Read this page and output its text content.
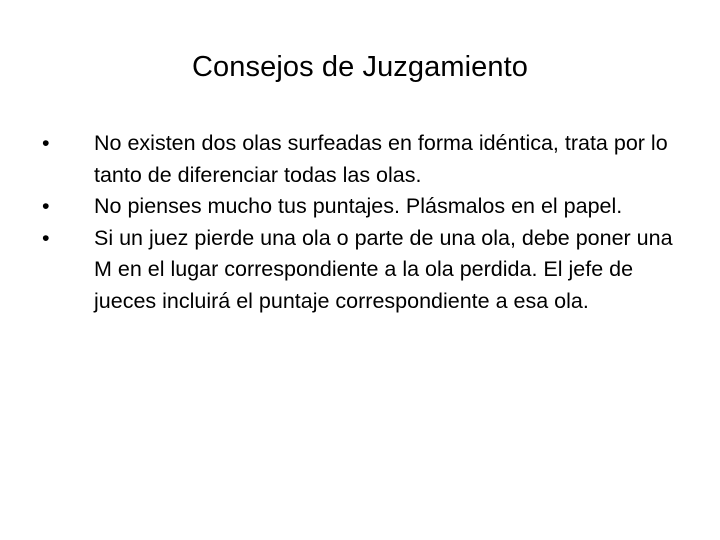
Consejos de Juzgamiento
• No existen dos olas surfeadas en forma idéntica, trata por lo tanto de diferenciar todas las olas.
• No pienses mucho tus puntajes. Plásmalos en el papel.
• Si un juez pierde una ola o parte de una ola, debe poner una M en el lugar correspondiente a la ola perdida. El jefe de jueces incluirá el puntaje correspondiente a esa ola.
